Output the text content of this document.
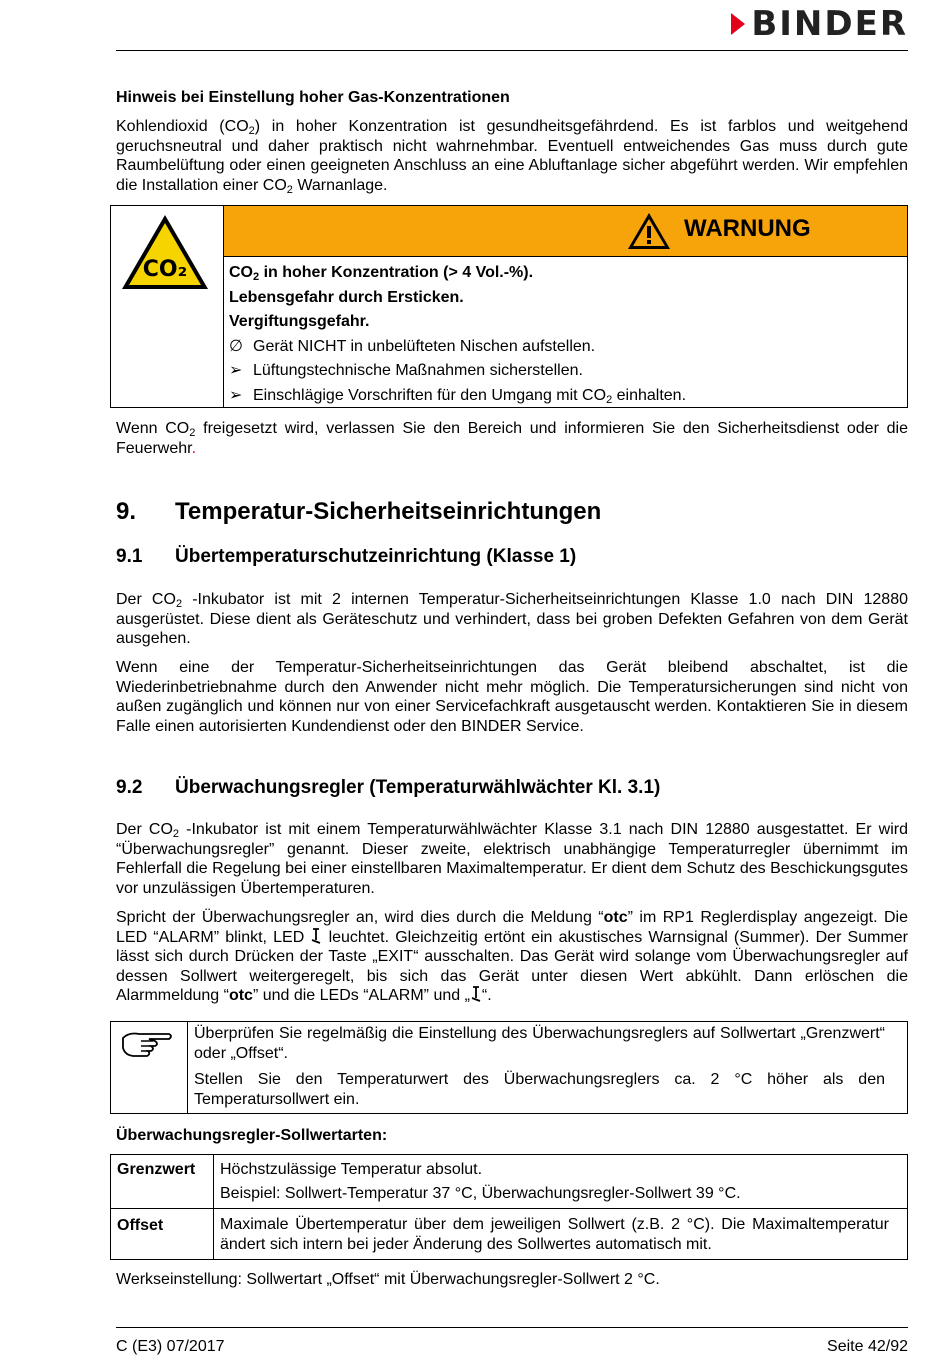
BINDER

Hinweis bei Einstellung hoher Gas-Konzentrationen

Kohlendioxid $(CO_2)$ in hoher Konzentration ist gesundheitsgefährdend. Es ist farblos und weitgehend geruchsneutral und daher praktisch nicht wahrnehmbar. Eventuell entweichendes Gas muss durch gute Raumbelüftung oder einen geeigneten Anschluss an eine Abluftanlage sicher abgeführt werden. Wir empfehlen die Installation einer $CO_2$ Warnanlage.

CO₂
WARNUNG
$CO_2$ in hoher Konzentration (> 4 Vol.-%).
Lebensgefahr durch Ersticken.
Vergiftungsgefahr.
∅ Gerät NICHT in unbelüfteten Nischen aufstellen.
➢ Lüftungstechnische Maßnahmen sicherstellen.
➢ Einschlägige Vorschriften für den Umgang mit $CO_2$ einhalten.

Wenn $CO_2$ freigesetzt wird, verlassen Sie den Bereich und informieren Sie den Sicherheitsdienst oder die Feuerwehr.

9. Temperatur-Sicherheitseinrichtungen
9.1 Übertemperaturschutzeinrichtung (Klasse 1)

Der $CO_2$ -Inkubator ist mit 2 internen Temperatur-Sicherheitseinrichtungen Klasse 1.0 nach DIN 12880 ausgerüstet. Diese dient als Geräteschutz und verhindert, dass bei groben Defekten Gefahren von dem Gerät ausgehen.

Wenn eine der Temperatur-Sicherheitseinrichtungen das Gerät bleibend abschaltet, ist die Wiederinbetriebnahme durch den Anwender nicht mehr möglich. Die Temperatursicherungen sind nicht von außen zugänglich und können nur von einer Servicefachkraft ausgetauscht werden. Kontaktieren Sie in diesem Falle einen autorisierten Kundendienst oder den BINDER Service.

9.2 Überwachungsregler (Temperaturwählwächter Kl. 3.1)

Der $CO_2$ -Inkubator ist mit einem Temperaturwählwächter Klasse 3.1 nach DIN 12880 ausgestattet. Er wird “Überwachungsregler” genannt. Dieser zweite, elektrisch unabhängige Temperaturregler übernimmt im Fehlerfall die Regelung bei einer einstellbaren Maximaltemperatur. Er dient dem Schutz des Beschickungsgutes vor unzulässigen Übertemperaturen.

Spricht der Überwachungsregler an, wird dies durch die Meldung “otc” im RP1 Reglerdisplay angezeigt. Die LED “ALARM” blinkt, LED  leuchtet. Gleichzeitig ertönt ein akustisches Warnsignal (Summer). Der Summer lässt sich durch Drücken der Taste „EXIT“ ausschalten. Das Gerät wird solange vom Überwachungsregler auf dessen Sollwert weitergeregelt, bis sich das Gerät unter diesen Wert abkühlt. Dann erlöschen die Alarmmeldung “otc” und die LEDs “ALARM” und „ “.

Überprüfen Sie regelmäßig die Einstellung des Überwachungsreglers auf Sollwertart „Grenzwert“ oder „Offset“.

Stellen Sie den Temperaturwert des Überwachungsreglers ca. 2 °C höher als den Temperatursollwert ein.

Überwachungsregler-Sollwertarten:

Grenzwert	Höchstzulässige Temperatur absolut.
Beispiel: Sollwert-Temperatur 37 °C, Überwachungsregler-Sollwert 39 °C.

Offset	Maximale Übertemperatur über dem jeweiligen Sollwert (z.B. 2 °C). Die Maximaltemperatur ändert sich intern bei jeder Änderung des Sollwertes automatisch mit.

Werkseinstellung: Sollwertart „Offset“ mit Überwachungsregler-Sollwert 2 °C.

C (E3) 07/2017	Seite 42/92
